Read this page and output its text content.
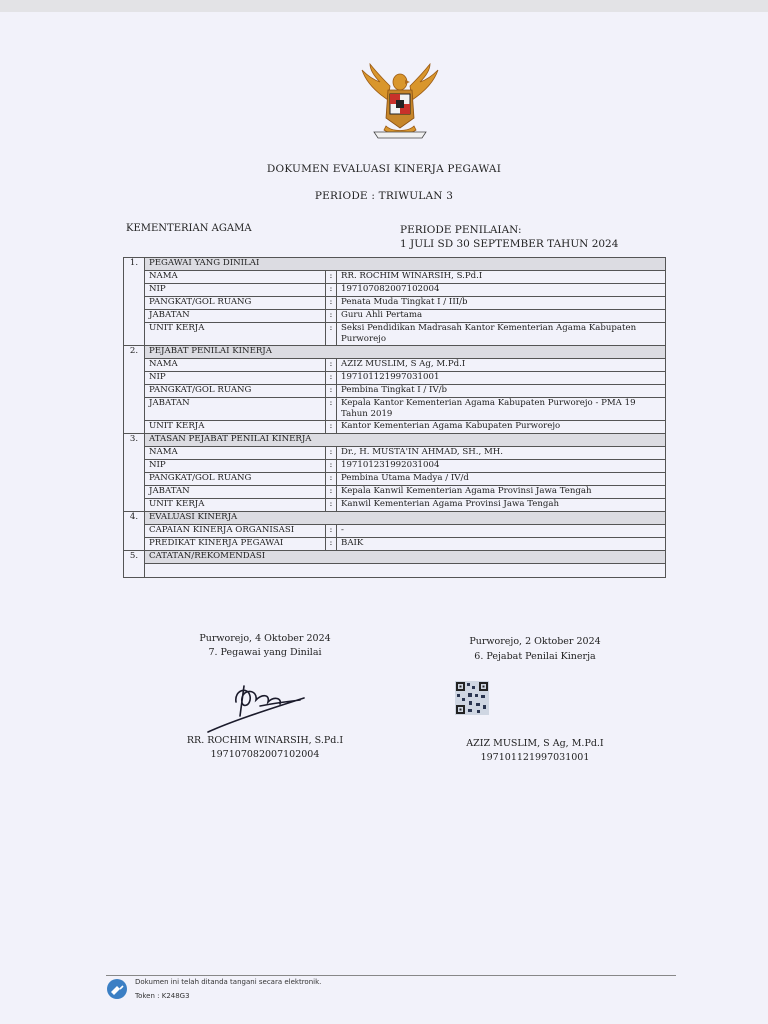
DOKUMEN EVALUASI KINERJA PEGAWAI
PERIODE : TRIWULAN 3
KEMENTERIAN AGAMA	PERIODE PENILAIAN:
1 JULI SD 30 SEPTEMBER TAHUN 2024
1.	PEGAWAI YANG DINILAI		
	NAMA	:	RR. ROCHIM WINARSIH, S.Pd.I
	NIP	:	197107082007102004
	PANGKAT/GOL RUANG	:	Penata Muda Tingkat I / III/b
	JABATAN	:	Guru Ahli Pertama
	UNIT KERJA	:	Seksi Pendidikan Madrasah Kantor Kementerian Agama Kabupaten Purworejo
2.	PEJABAT PENILAI KINERJA		
	NAMA	:	AZIZ MUSLIM, S Ag, M.Pd.I
	NIP	:	197101121997031001
	PANGKAT/GOL RUANG	:	Pembina Tingkat I / IV/b
	JABATAN	:	Kepala Kantor Kementerian Agama Kabupaten Purworejo - PMA 19 Tahun 2019
	UNIT KERJA	:	Kantor Kementerian Agama Kabupaten Purworejo
3.	ATASAN PEJABAT PENILAI KINERJA		
	NAMA	:	Dr., H. MUSTA'IN AHMAD, SH., MH.
	NIP	:	197101231992031004
	PANGKAT/GOL RUANG	:	Pembina Utama Madya / IV/d
	JABATAN	:	Kepala Kanwil Kementerian Agama Provinsi Jawa Tengah
	UNIT KERJA	:	Kanwil Kementerian Agama Provinsi Jawa Tengah
4.	EVALUASI KINERJA		
	CAPAIAN KINERJA ORGANISASI	:	-
	PREDIKAT KINERJA PEGAWAI	:	BAIK
5.	CATATAN/REKOMENDASI		

Purworejo, 4 Oktober 2024
7. Pegawai yang Dinilai
RR. ROCHIM WINARSIH, S.Pd.I
197107082007102004
Purworejo, 2 Oktober 2024
6. Pejabat Penilai Kinerja
AZIZ MUSLIM, S Ag, M.Pd.I
197101121997031001
Dokumen ini telah ditanda tangani secara elektronik.
Token : K248G3
